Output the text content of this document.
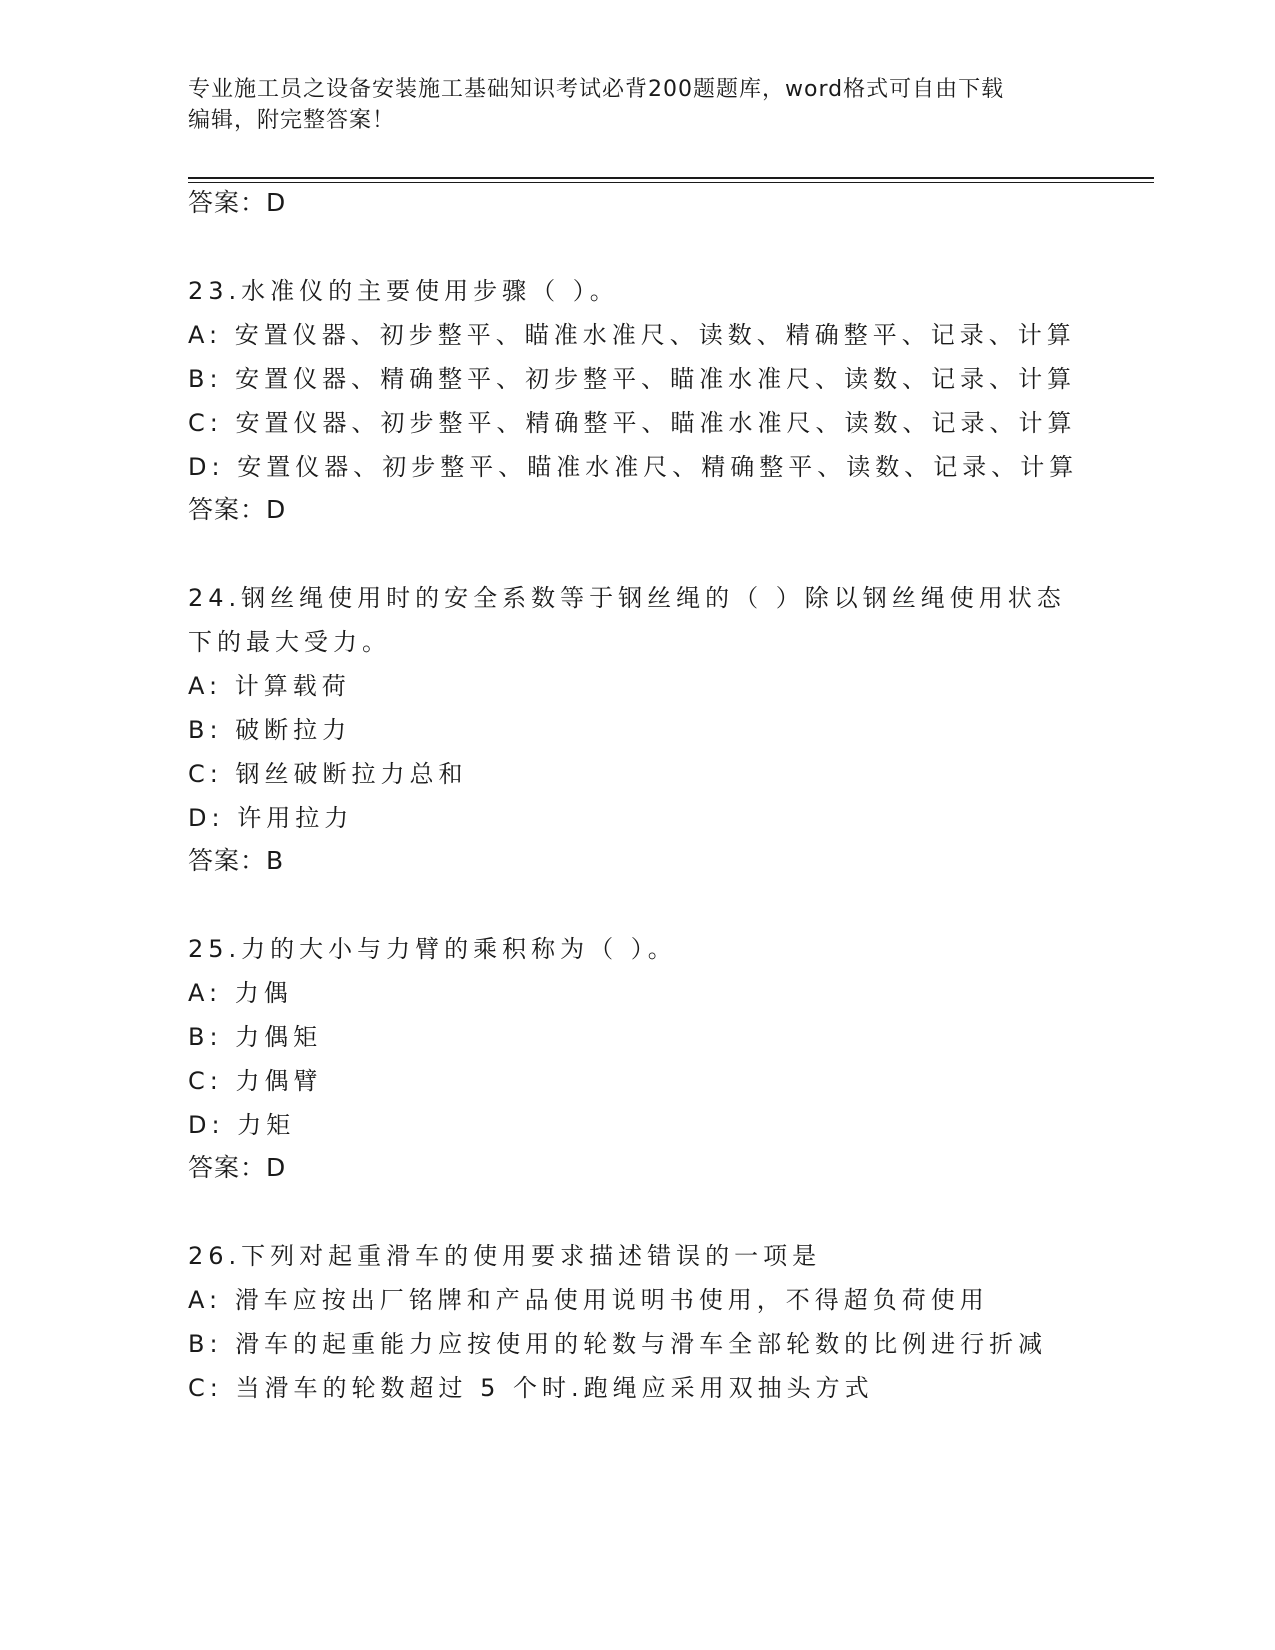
专业施工员之设备安装施工基础知识考试必背200题题库，word格式可自由下载
编辑，附完整答案！
答案：D
23.水准仪的主要使用步骤（ ）。
A: 安置仪器、初步整平、瞄准水准尺、读数、精确整平、记录、计算
B: 安置仪器、精确整平、初步整平、瞄准水准尺、读数、记录、计算
C: 安置仪器、初步整平、精确整平、瞄准水准尺、读数、记录、计算
D: 安置仪器、初步整平、瞄准水准尺、精确整平、读数、记录、计算
答案：D
24.钢丝绳使用时的安全系数等于钢丝绳的（ ）除以钢丝绳使用状态
下的最大受力。
A: 计算载荷
B: 破断拉力
C: 钢丝破断拉力总和
D: 许用拉力
答案：B
25.力的大小与力臂的乘积称为（ ）。
A: 力偶
B: 力偶矩
C: 力偶臂
D: 力矩
答案：D
26.下列对起重滑车的使用要求描述错误的一项是
A: 滑车应按出厂铭牌和产品使用说明书使用，不得超负荷使用
B: 滑车的起重能力应按使用的轮数与滑车全部轮数的比例进行折减
C: 当滑车的轮数超过 5 个时.跑绳应采用双抽头方式
